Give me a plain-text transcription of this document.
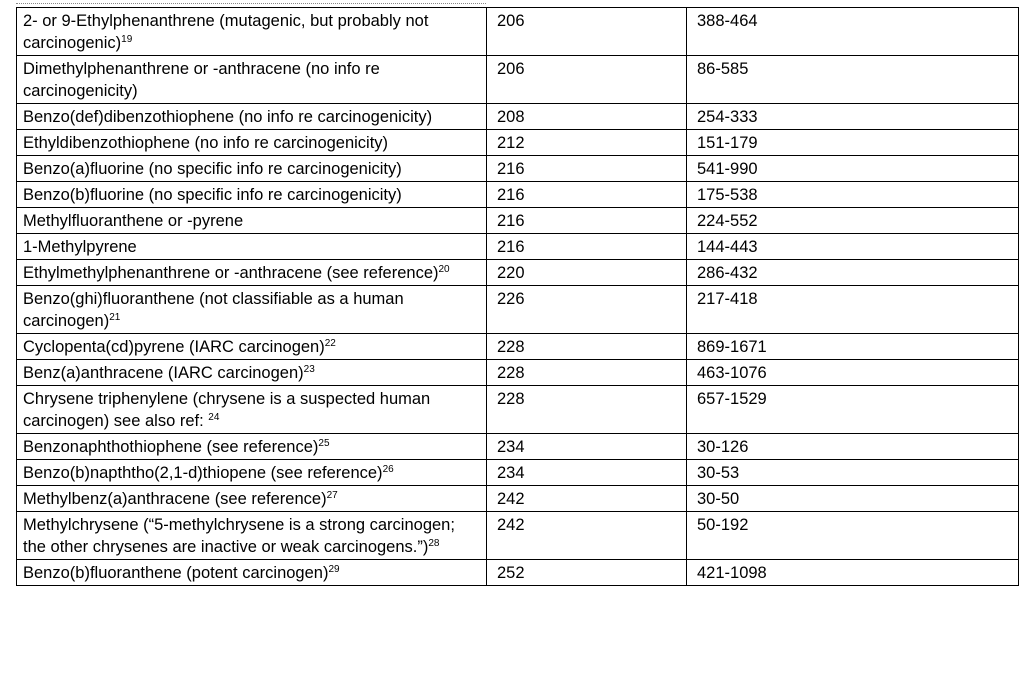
2- or 9-Ethylphenanthrene (mutagenic, but probably not carcinogenic)$^{19}$	206	388-464
Dimethylphenanthrene or -anthracene (no info re carcinogenicity)	206	86-585
Benzo(def)dibenzothiophene (no info re carcinogenicity)	208	254-333
Ethyldibenzothiophene (no info re carcinogenicity)	212	151-179
Benzo(a)fluorine (no specific info re carcinogenicity)	216	541-990
Benzo(b)fluorine (no specific info re carcinogenicity)	216	175-538
Methylfluoranthene or -pyrene	216	224-552
1-Methylpyrene	216	144-443
Ethylmethylphenanthrene or -anthracene (see reference)$^{20}$	220	286-432
Benzo(ghi)fluoranthene (not classifiable as a human carcinogen)$^{21}$	226	217-418
Cyclopenta(cd)pyrene (IARC carcinogen)$^{22}$	228	869-1671
Benz(a)anthracene (IARC carcinogen)$^{23}$	228	463-1076
Chrysene triphenylene (chrysene is a suspected human carcinogen) see also ref: $^{24}$	228	657-1529
Benzonaphthothiophene (see reference)$^{25}$	234	30-126
Benzo(b)napththo(2,1-d)thiopene (see reference)$^{26}$	234	30-53
Methylbenz(a)anthracene (see reference)$^{27}$	242	30-50
Methylchrysene (“5-methylchrysene is a strong carcinogen; the other chrysenes are inactive or weak carcinogens.”)$^{28}$	242	50-192
Benzo(b)fluoranthene (potent carcinogen)$^{29}$	252	421-1098
